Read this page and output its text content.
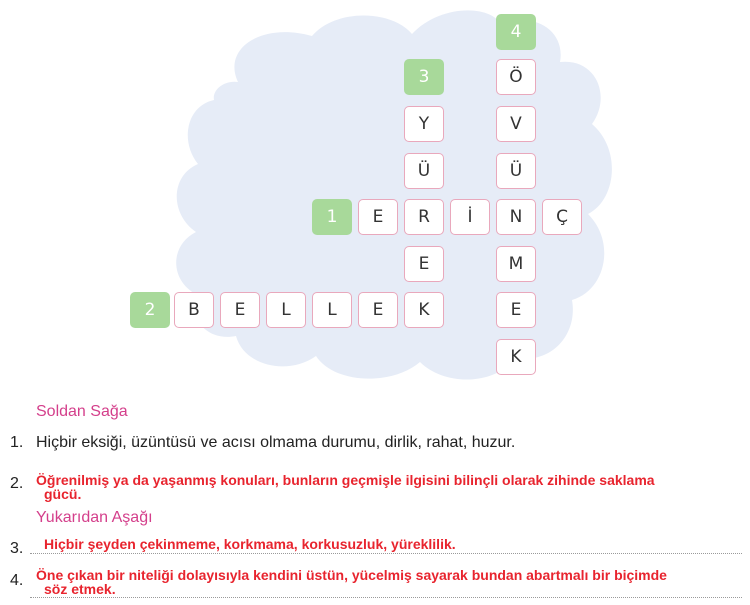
1
2
3
4
Y
Ü
R
E
K
Ö
V
Ü
N
M
E
K
E	İ	Ç
B	E	L	L	E
Soldan Sağa
1. Hiçbir eksiği, üzüntüsü ve acısı olmama durumu, dirlik, rahat, huzur.
2. Öğrenilmiş ya da yaşanmış konuları, bunların geçmişle ilgisini bilinçli olarak zihinde saklama
gücü.
Yukarıdan Aşağı
3. Hiçbir şeyden çekinmeme, korkmama, korkusuzluk, yüreklilik.
4. Öne çıkan bir niteliği dolayısıyla kendini üstün, yücelmiş sayarak bundan abartmalı bir biçimde
söz etmek.
